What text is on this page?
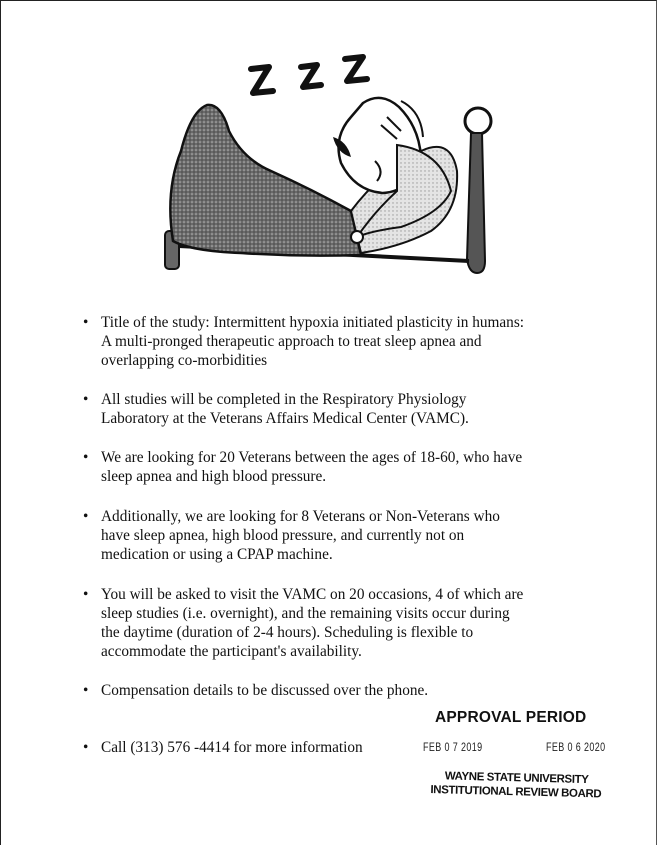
• Title of the study: Intermittent hypoxia initiated plasticity in humans:
A multi-pronged therapeutic approach to treat sleep apnea and
overlapping co-morbidities
• All studies will be completed in the Respiratory Physiology
Laboratory at the Veterans Affairs Medical Center (VAMC).
• We are looking for 20 Veterans between the ages of 18-60, who have
sleep apnea and high blood pressure.
• Additionally, we are looking for 8 Veterans or Non-Veterans who
have sleep apnea, high blood pressure, and currently not on
medication or using a CPAP machine.
• You will be asked to visit the VAMC on 20 occasions, 4 of which are
sleep studies (i.e. overnight), and the remaining visits occur during
the daytime (duration of 2-4 hours). Scheduling is flexible to
accommodate the participant's availability.
• Compensation details to be discussed over the phone.
• Call (313) 576 -4414 for more information
APPROVAL PERIOD
FEB 0 7 2019	FEB 0 6 2020
WAYNE STATE UNIVERSITY
INSTITUTIONAL REVIEW BOARD
